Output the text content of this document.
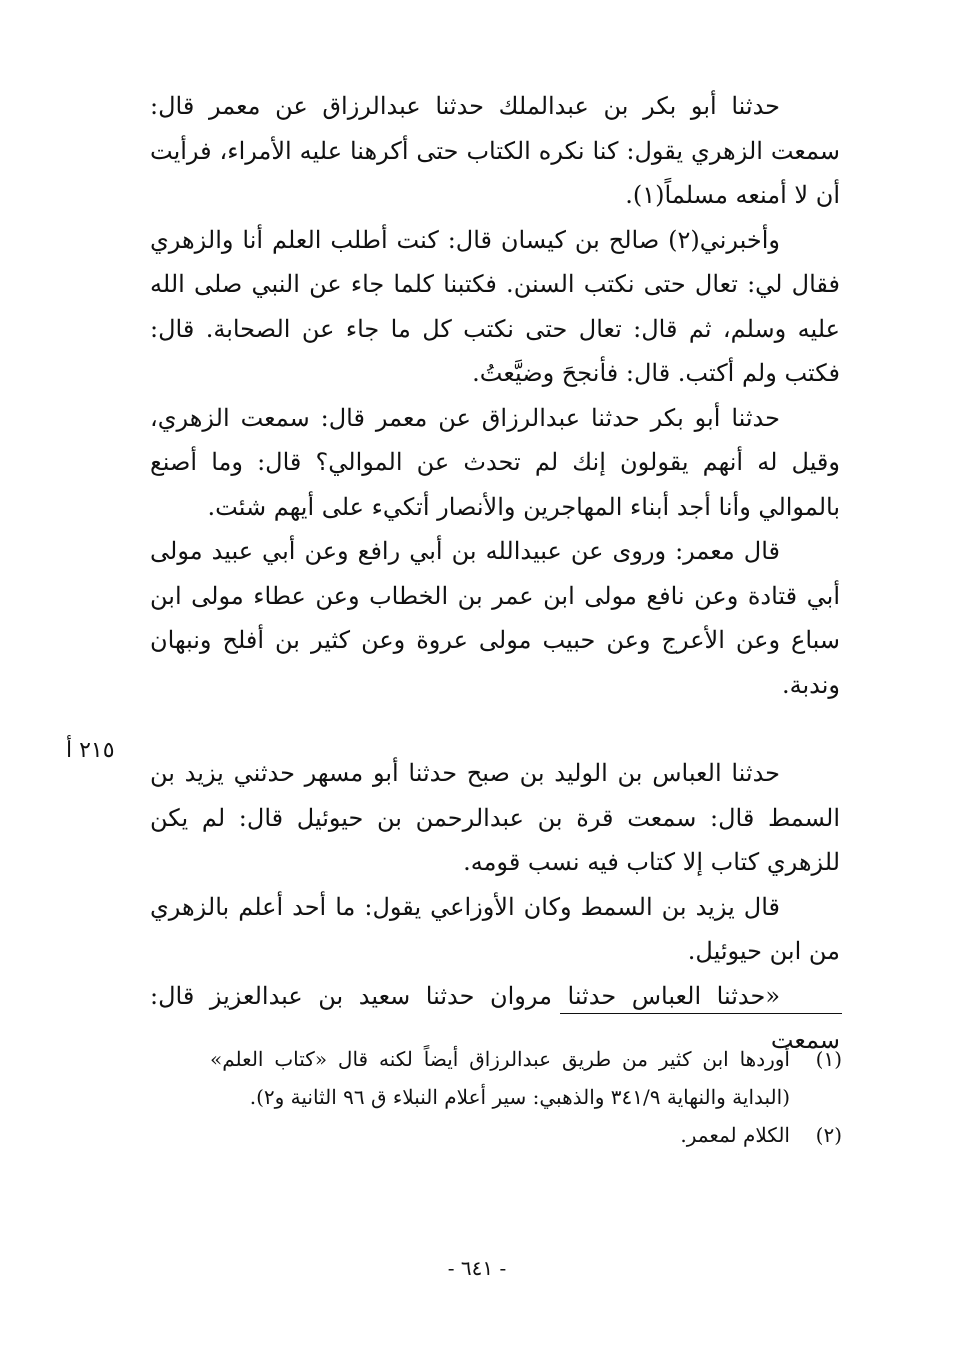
حدثنا أبو بكر بن عبدالملك حدثنا عبدالرزاق عن معمر قال: سمعت الزهري يقول: كنا نكره الكتاب حتى أكرهنا عليه الأمراء، فرأيت أن لا أمنعه مسلماً(١).

وأخبرني(٢) صالح بن كيسان قال: كنت أطلب العلم أنا والزهري فقال لي: تعال حتى نكتب السنن. فكتبنا كلما جاء عن النبي صلى الله عليه وسلم، ثم قال: تعال حتى نكتب كل ما جاء عن الصحابة. قال: فكتب ولم أكتب. قال: فأنجحَ وضيَّعتُ.

حدثنا أبو بكر حدثنا عبدالرزاق عن معمر قال: سمعت الزهري، وقيل له أنهم يقولون إنك لم تحدث عن الموالي؟ قال: وما أصنع بالموالي وأنا أجد أبناء المهاجرين والأنصار أتكيء على أيهم شئت.

قال معمر: وروى عن عبيدالله بن أبي رافع وعن أبي عبيد مولى أبي قتادة وعن نافع مولى ابن عمر بن الخطاب وعن عطاء مولى ابن سباع وعن الأعرج وعن حبيب مولى عروة وعن كثير بن أفلح ونبهان وندبة.

حدثنا العباس بن الوليد بن صبح حدثنا أبو مسهر حدثني يزيد بن السمط قال: سمعت قرة بن عبدالرحمن بن حيوئيل قال: لم يكن للزهري كتاب إلا كتاب فيه نسب قومه.

قال يزيد بن السمط وكان الأوزاعي يقول: ما أحد أعلم بالزهري من ابن حيوئيل.

«حدثنا العباس حدثنا مروان حدثنا سعيد بن عبدالعزيز قال: سمعت

٢١٥ أ

(١)
أوردها ابن كثير من طريق عبدالرزاق أيضاً لكنه قال «كتاب العلم» (البداية والنهاية ٣٤١/٩ والذهبي: سير أعلام النبلاء ق ٩٦ الثانية و٢).

(٢)
الكلام لمعمر.

- ٦٤١ -
